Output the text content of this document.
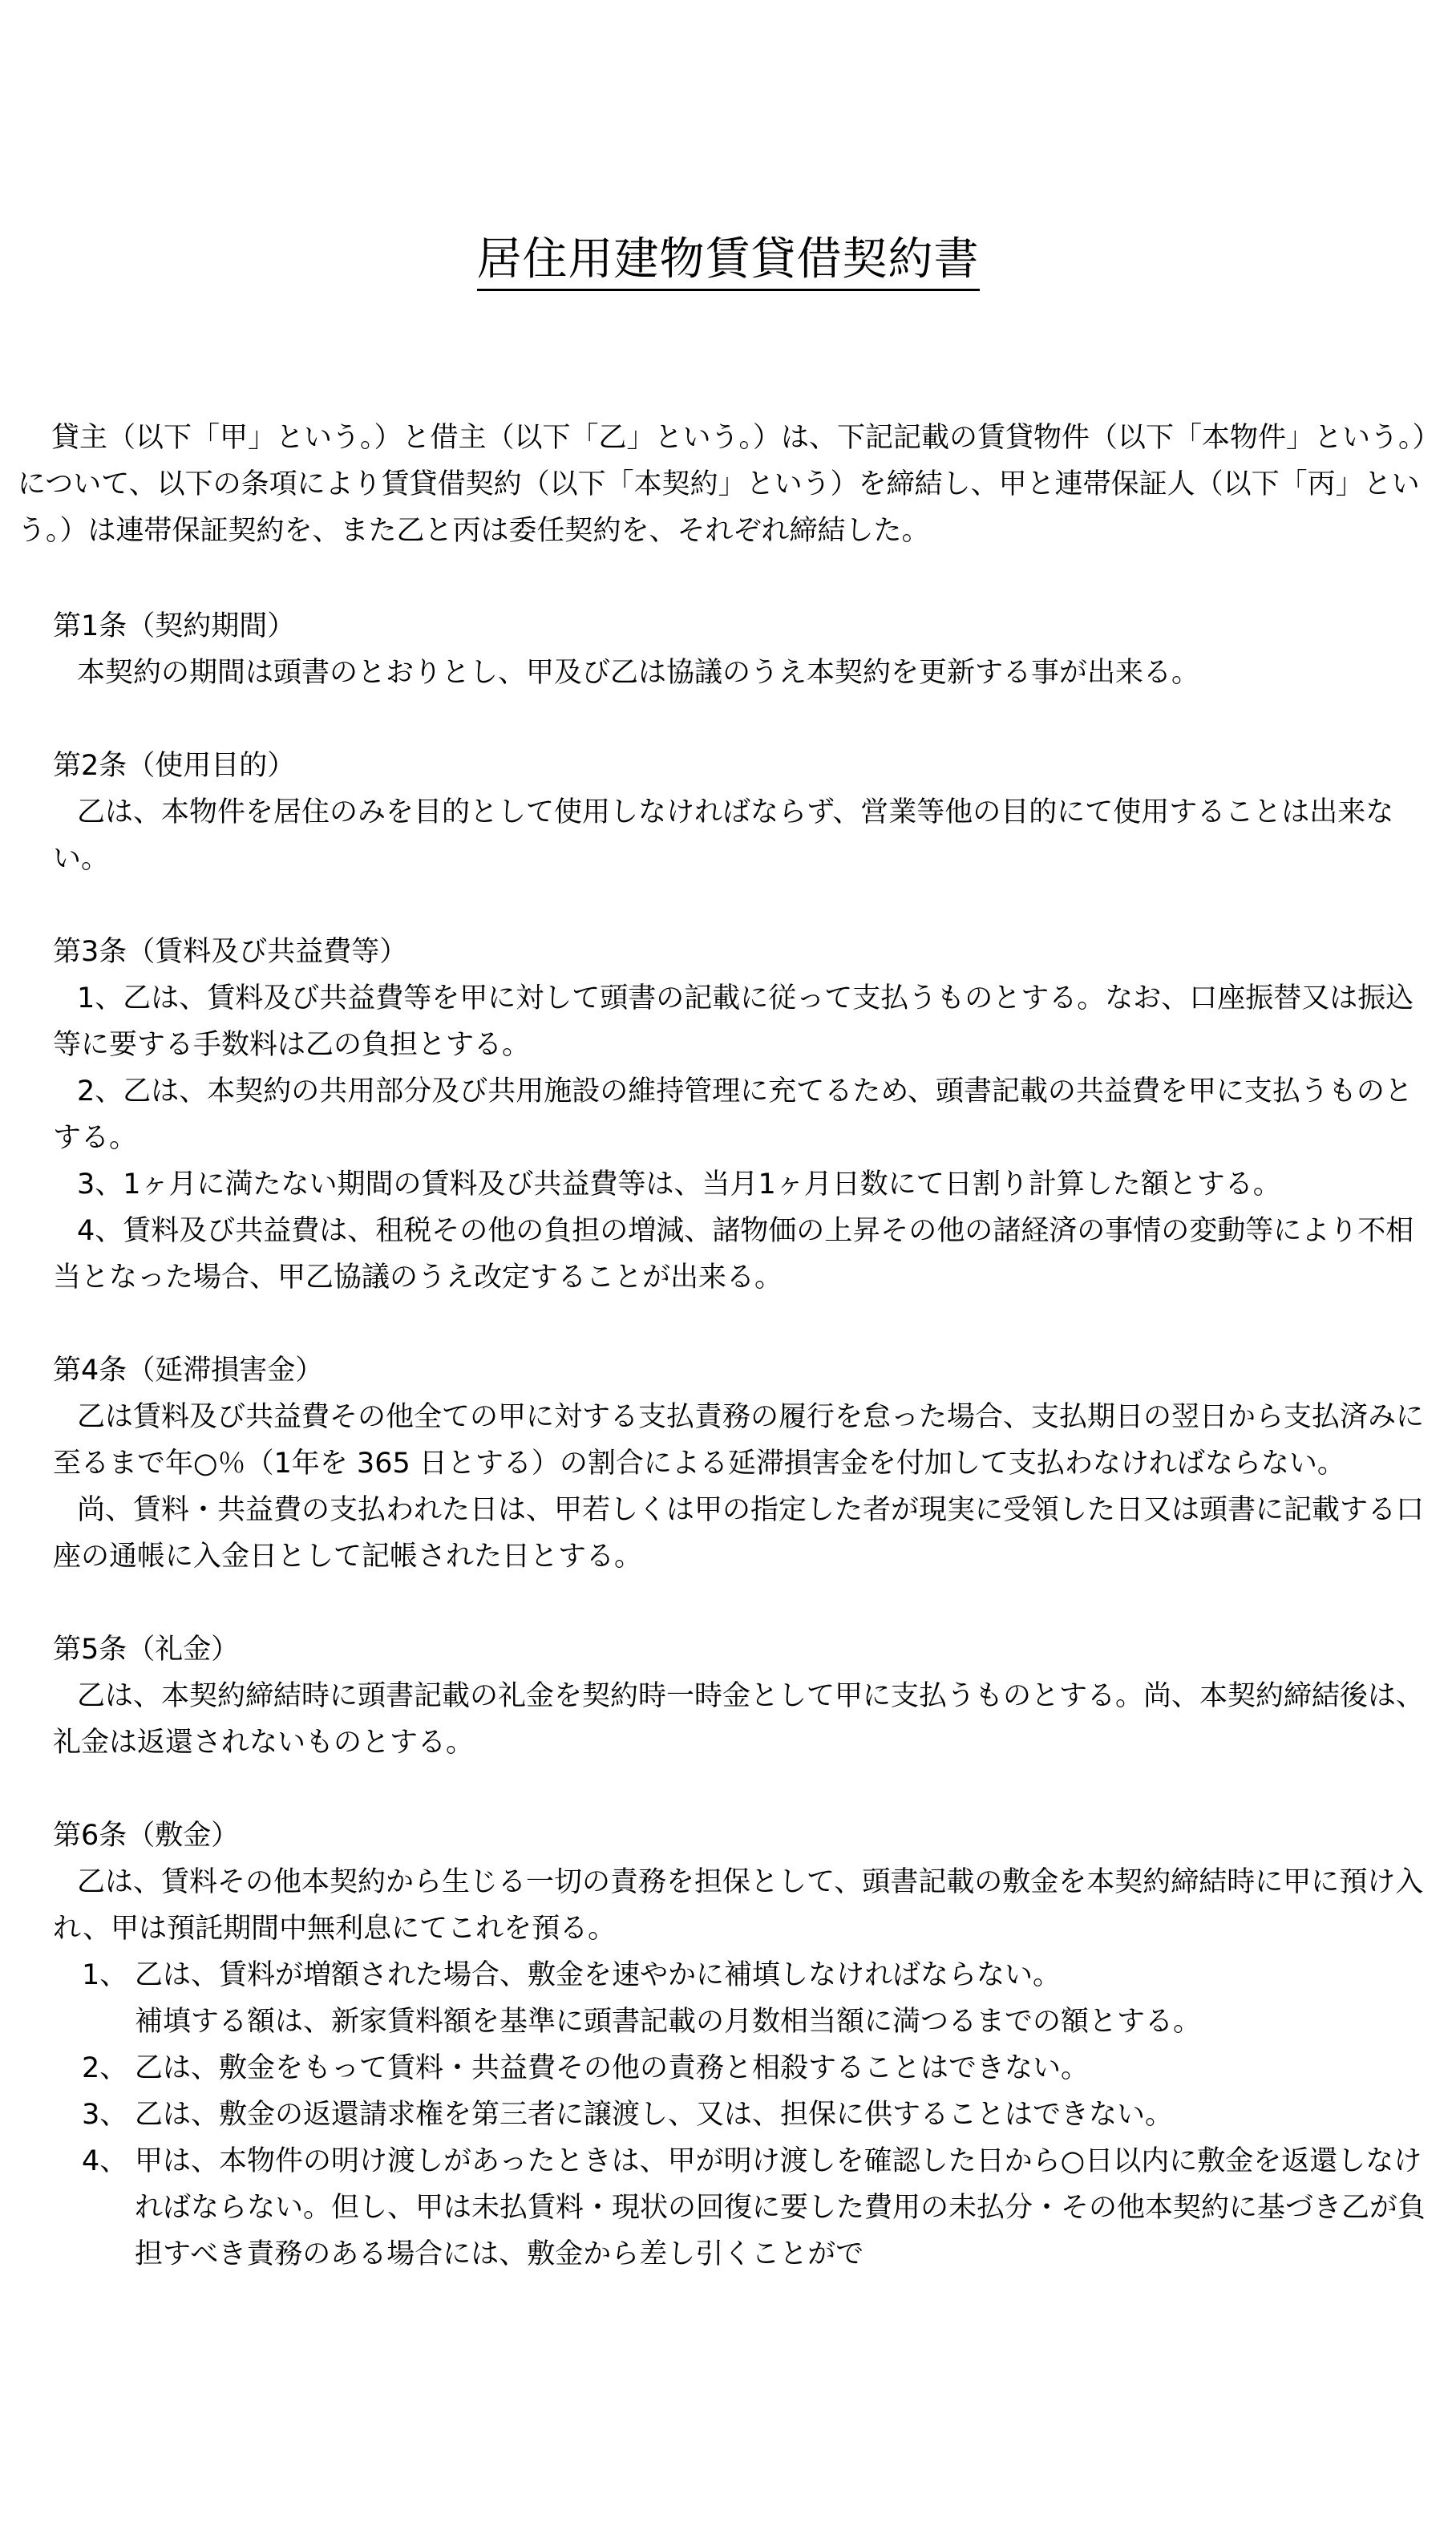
居住用建物賃貸借契約書

貸主（以下「甲」という。）と借主（以下「乙」という。）は、下記記載の賃貸物件（以下「本物件」という。）について、以下の条項により賃貸借契約（以下「本契約」という）を締結し、甲と連帯保証人（以下「丙」という。）は連帯保証契約を、また乙と丙は委任契約を、それぞれ締結した。

第1条（契約期間）

本契約の期間は頭書のとおりとし、甲及び乙は協議のうえ本契約を更新する事が出来る。

第2条（使用目的）

乙は、本物件を居住のみを目的として使用しなければならず、営業等他の目的にて使用することは出来ない。

第3条（賃料及び共益費等）

1、乙は、賃料及び共益費等を甲に対して頭書の記載に従って支払うものとする。なお、口座振替又は振込等に要する手数料は乙の負担とする。

2、乙は、本契約の共用部分及び共用施設の維持管理に充てるため、頭書記載の共益費を甲に支払うものとする。

3、1ヶ月に満たない期間の賃料及び共益費等は、当月1ヶ月日数にて日割り計算した額とする。

4、賃料及び共益費は、租税その他の負担の増減、諸物価の上昇その他の諸経済の事情の変動等により不相当となった場合、甲乙協議のうえ改定することが出来る。

第4条（延滞損害金）

乙は賃料及び共益費その他全ての甲に対する支払責務の履行を怠った場合、支払期日の翌日から支払済みに至るまで年○％（1年を 365 日とする）の割合による延滞損害金を付加して支払わなければならない。

尚、賃料・共益費の支払われた日は、甲若しくは甲の指定した者が現実に受領した日又は頭書に記載する口座の通帳に入金日として記帳された日とする。

第5条（礼金）

乙は、本契約締結時に頭書記載の礼金を契約時一時金として甲に支払うものとする。尚、本契約締結後は、礼金は返還されないものとする。

第6条（敷金）

乙は、賃料その他本契約から生じる一切の責務を担保として、頭書記載の敷金を本契約締結時に甲に預け入れ、甲は預託期間中無利息にてこれを預る。

1、 乙は、賃料が増額された場合、敷金を速やかに補填しなければならない。

補填する額は、新家賃料額を基準に頭書記載の月数相当額に満つるまでの額とする。

2、 乙は、敷金をもって賃料・共益費その他の責務と相殺することはできない。

3、 乙は、敷金の返還請求権を第三者に譲渡し、又は、担保に供することはできない。

4、 甲は、本物件の明け渡しがあったときは、甲が明け渡しを確認した日から○日以内に敷金を返還しなければならない。但し、甲は未払賃料・現状の回復に要した費用の未払分・その他本契約に基づき乙が負担すべき責務のある場合には、敷金から差し引くことがで
